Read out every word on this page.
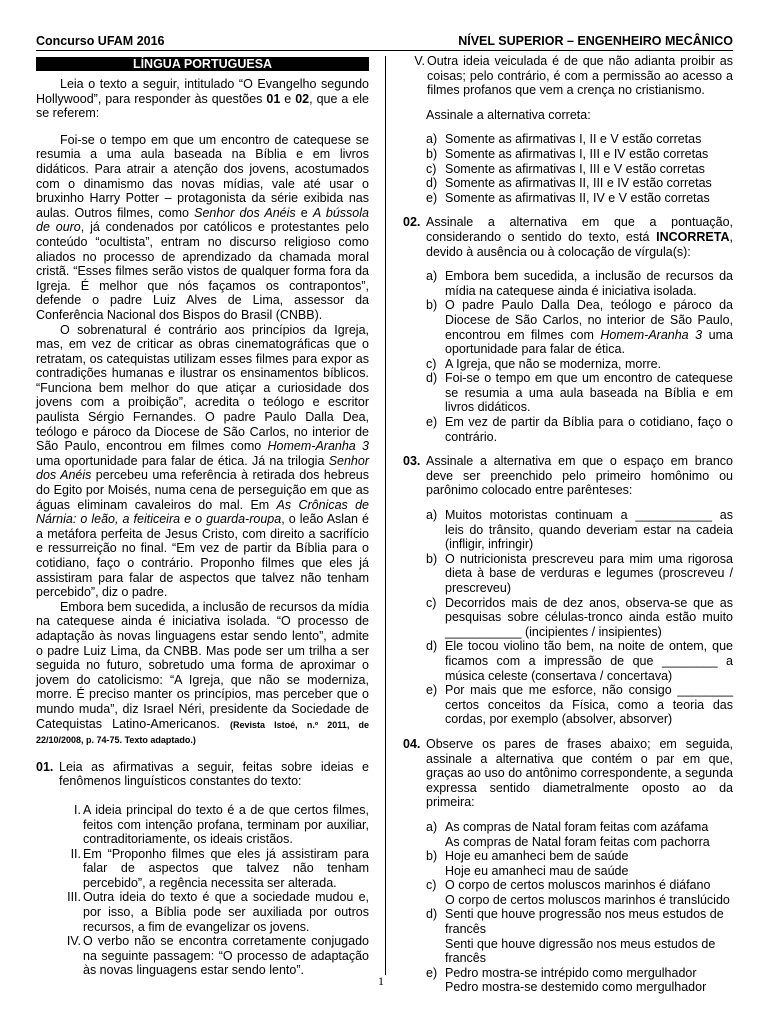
Concurso UFAM 2016	NÍVEL SUPERIOR – ENGENHEIRO MECÂNICO
LÍNGUA PORTUGUESA

Leia o texto a seguir, intitulado “O Evangelho segundo Hollywood”, para responder às questões 01 e 02, que a ele se referem:

Foi-se o tempo em que um encontro de catequese se resumia a uma aula baseada na Bíblia e em livros didáticos. Para atrair a atenção dos jovens, acostumados com o dinamismo das novas mídias, vale até usar o bruxinho Harry Potter – protagonista da série exibida nas aulas. Outros filmes, como Senhor dos Anéis e A bússola de ouro, já condenados por católicos e protestantes pelo conteúdo “ocultista”, entram no discurso religioso como aliados no processo de aprendizado da chamada moral cristã. “Esses filmes serão vistos de qualquer forma fora da Igreja. É melhor que nós façamos os contrapontos”, defende o padre Luiz Alves de Lima, assessor da Conferência Nacional dos Bispos do Brasil (CNBB).

O sobrenatural é contrário aos princípios da Igreja, mas, em vez de criticar as obras cinematográficas que o retratam, os catequistas utilizam esses filmes para expor as contradições humanas e ilustrar os ensinamentos bíblicos. “Funciona bem melhor do que atiçar a curiosidade dos jovens com a proibição”, acredita o teólogo e escritor paulista Sérgio Fernandes. O padre Paulo Dalla Dea, teólogo e pároco da Diocese de São Carlos, no interior de São Paulo, encontrou em filmes como Homem-Aranha 3 uma oportunidade para falar de ética. Já na trilogia Senhor dos Anéis percebeu uma referência à retirada dos hebreus do Egito por Moisés, numa cena de perseguição em que as águas eliminam cavaleiros do mal. Em As Crônicas de Nárnia: o leão, a feiticeira e o guarda-roupa, o leão Aslan é a metáfora perfeita de Jesus Cristo, com direito a sacrifício e ressurreição no final. “Em vez de partir da Bíblia para o cotidiano, faço o contrário. Proponho filmes que eles já assistiram para falar de aspectos que talvez não tenham percebido”, diz o padre.

Embora bem sucedida, a inclusão de recursos da mídia na catequese ainda é iniciativa isolada. “O processo de adaptação às novas linguagens estar sendo lento”, admite o padre Luiz Lima, da CNBB. Mas pode ser um trilha a ser seguida no futuro, sobretudo uma forma de aproximar o jovem do catolicismo: “A Igreja, que não se moderniza, morre. É preciso manter os princípios, mas perceber que o mundo muda”, diz Israel Néri, presidente da Sociedade de Catequistas Latino-Americanos. (Revista Istoé, n.º 2011, de 22/10/2008, p. 74-75. Texto adaptado.)

01. Leia as afirmativas a seguir, feitas sobre ideias e fenômenos linguísticos constantes do texto:

I. A ideia principal do texto é a de que certos filmes, feitos com intenção profana, terminam por auxiliar, contraditoriamente, os ideais cristãos.

II. Em “Proponho filmes que eles já assistiram para falar de aspectos que talvez não tenham percebido”, a regência necessita ser alterada.

III. Outra ideia do texto é que a sociedade mudou e, por isso, a Bíblia pode ser auxiliada por outros recursos, a fim de evangelizar os jovens.

IV. O verbo não se encontra corretamente conjugado na seguinte passagem: “O processo de adaptação às novas linguagens estar sendo lento”.

V. Outra ideia veiculada é de que não adianta proibir as coisas; pelo contrário, é com a permissão ao acesso a filmes profanos que vem a crença no cristianismo.

Assinale a alternativa correta:

a) Somente as afirmativas I, II e V estão corretas
b) Somente as afirmativas I, III e IV estão corretas
c) Somente as afirmativas I, III e V estão corretas
d) Somente as afirmativas II, III e IV estão corretas
e) Somente as afirmativas II, IV e V estão corretas
02. Assinale a alternativa em que a pontuação, considerando o sentido do texto, está INCORRETA, devido à ausência ou à colocação de vírgula(s):

a) Embora bem sucedida, a inclusão de recursos da mídia na catequese ainda é iniciativa isolada.
b) O padre Paulo Dalla Dea, teólogo e pároco da Diocese de São Carlos, no interior de São Paulo, encontrou em filmes com Homem-Aranha 3 uma oportunidade para falar de ética.
c) A Igreja, que não se moderniza, morre.
d) Foi-se o tempo em que um encontro de catequese se resumia a uma aula baseada na Bíblia e em livros didáticos.
e) Em vez de partir da Bíblia para o cotidiano, faço o contrário.
03. Assinale a alternativa em que o espaço em branco deve ser preenchido pelo primeiro homônimo ou parônimo colocado entre parênteses:

a) Muitos motoristas continuam a ___________ as leis do trânsito, quando deveriam estar na cadeia (infligir, infringir)
b) O nutricionista prescreveu para mim uma rigorosa dieta à base de verduras e legumes (proscreveu / prescreveu)
c) Decorridos mais de dez anos, observa-se que as pesquisas sobre células-tronco ainda estão muito ___________ (incipientes / insipientes)
d) Ele tocou violino tão bem, na noite de ontem, que ficamos com a impressão de que ________ a música celeste (consertava / concertava)
e) Por mais que me esforce, não consigo ________ certos conceitos da Física, como a teoria das cordas, por exemplo (absolver, absorver)
04. Observe os pares de frases abaixo; em seguida, assinale a alternativa que contém o par em que, graças ao uso do antônimo correspondente, a segunda expressa sentido diametralmente oposto ao da primeira:

a) As compras de Natal foram feitas com azáfama
As compras de Natal foram feitas com pachorra
b) Hoje eu amanheci bem de saúde
Hoje eu amanheci mau de saúde
c) O corpo de certos moluscos marinhos é diáfano
O corpo de certos moluscos marinhos é translúcido
d) Senti que houve progressão nos meus estudos de francês
Senti que houve digressão nos meus estudos de francês
e) Pedro mostra-se intrépido como mergulhador
Pedro mostra-se destemido como mergulhador
1
